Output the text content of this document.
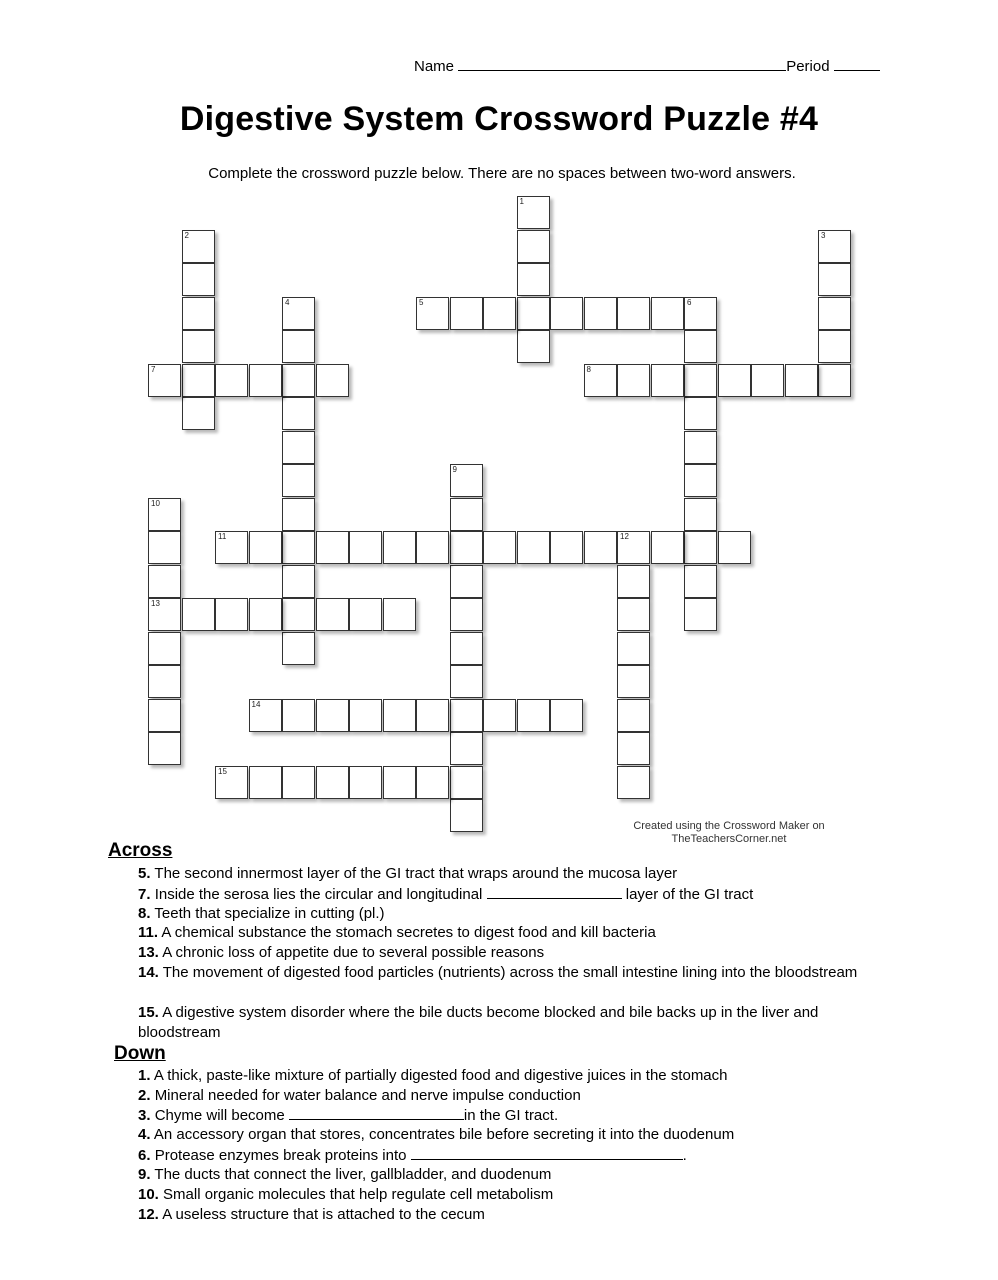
Name	Period
Digestive System Crossword Puzzle #4
Complete the crossword puzzle below. There are no spaces between two-word answers.
1
2	3
4	5	6
7	8
9
10
13
11	12
14
15
Created using the Crossword Maker on
TheTeachersCorner.net
Across
5. The second innermost layer of the GI tract that wraps around the mucosa layer
7. Inside the serosa lies the circular and longitudinal	layer of the GI tract
8. Teeth that specialize in cutting (pl.)
11. A chemical substance the stomach secretes to digest food and kill bacteria
13. A chronic loss of appetite due to several possible reasons
14. The movement of digested food particles (nutrients) across the small intestine lining into the bloodstream
15. A digestive system disorder where the bile ducts become blocked and bile backs up in the liver and bloodstream
Down
1. A thick, paste-like mixture of partially digested food and digestive juices in the stomach
2. Mineral needed for water balance and nerve impulse conduction
3. Chyme will become	in the GI tract.
4. An accessory organ that stores, concentrates bile before secreting it into the duodenum
6. Protease enzymes break proteins into	.
9. The ducts that connect the liver, gallbladder, and duodenum
10. Small organic molecules that help regulate cell metabolism
12. A useless structure that is attached to the cecum
